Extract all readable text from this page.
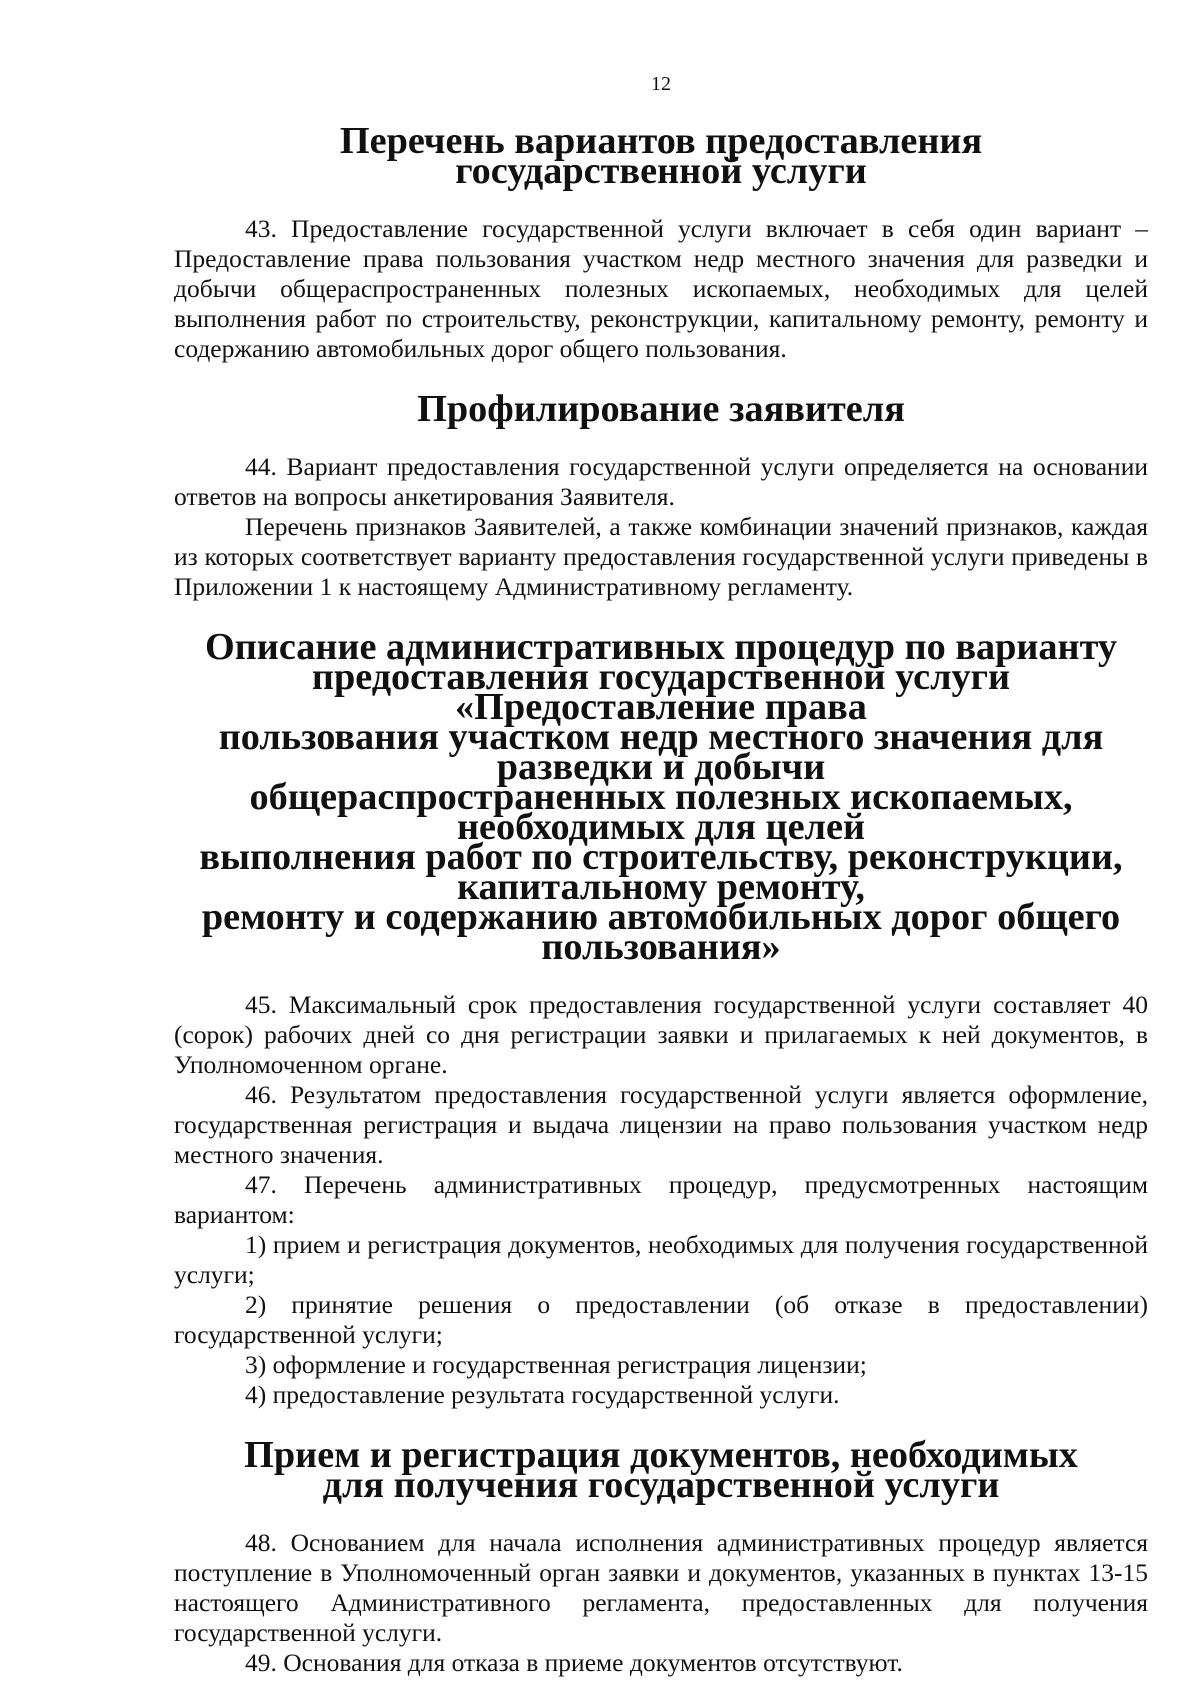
12
Перечень вариантов предоставления
государственной услуги

43. Предоставление государственной услуги включает в себя один вариант – Предоставление права пользования участком недр местного значения для разведки и добычи общераспространенных полезных ископаемых, необходимых для целей выполнения работ по строительству, реконструкции, капитальному ремонту, ремонту и содержанию автомобильных дорог общего пользования.

Профилирование заявителя

44. Вариант предоставления государственной услуги определяется на основании ответов на вопросы анкетирования Заявителя.

Перечень признаков Заявителей, а также комбинации значений признаков, каждая из которых соответствует варианту предоставления государственной услуги приведены в Приложении 1 к настоящему Административному регламенту.

Описание административных процедур по варианту
предоставления государственной услуги «Предоставление права
пользования участком недр местного значения для разведки и добычи
общераспространенных полезных ископаемых, необходимых для целей
выполнения работ по строительству, реконструкции, капитальному ремонту,
ремонту и содержанию автомобильных дорог общего пользования»

45. Максимальный срок предоставления государственной услуги составляет 40 (сорок) рабочих дней со дня регистрации заявки и прилагаемых к ней документов, в Уполномоченном органе.

46. Результатом предоставления государственной услуги является оформление, государственная регистрация и выдача лицензии на право пользования участком недр местного значения.

47. Перечень административных процедур, предусмотренных настоящим вариантом:

1) прием и регистрация документов, необходимых для получения государственной услуги;

2) принятие решения о предоставлении (об отказе в предоставлении) государственной услуги;

3) оформление и государственная регистрация лицензии;

4) предоставление результата государственной услуги.

Прием и регистрация документов, необходимых
для получения государственной услуги

48. Основанием для начала исполнения административных процедур является поступление в Уполномоченный орган заявки и документов, указанных в пунктах 13-15 настоящего Административного регламента, предоставленных для получения государственной услуги.

49. Основания для отказа в приеме документов отсутствуют.
